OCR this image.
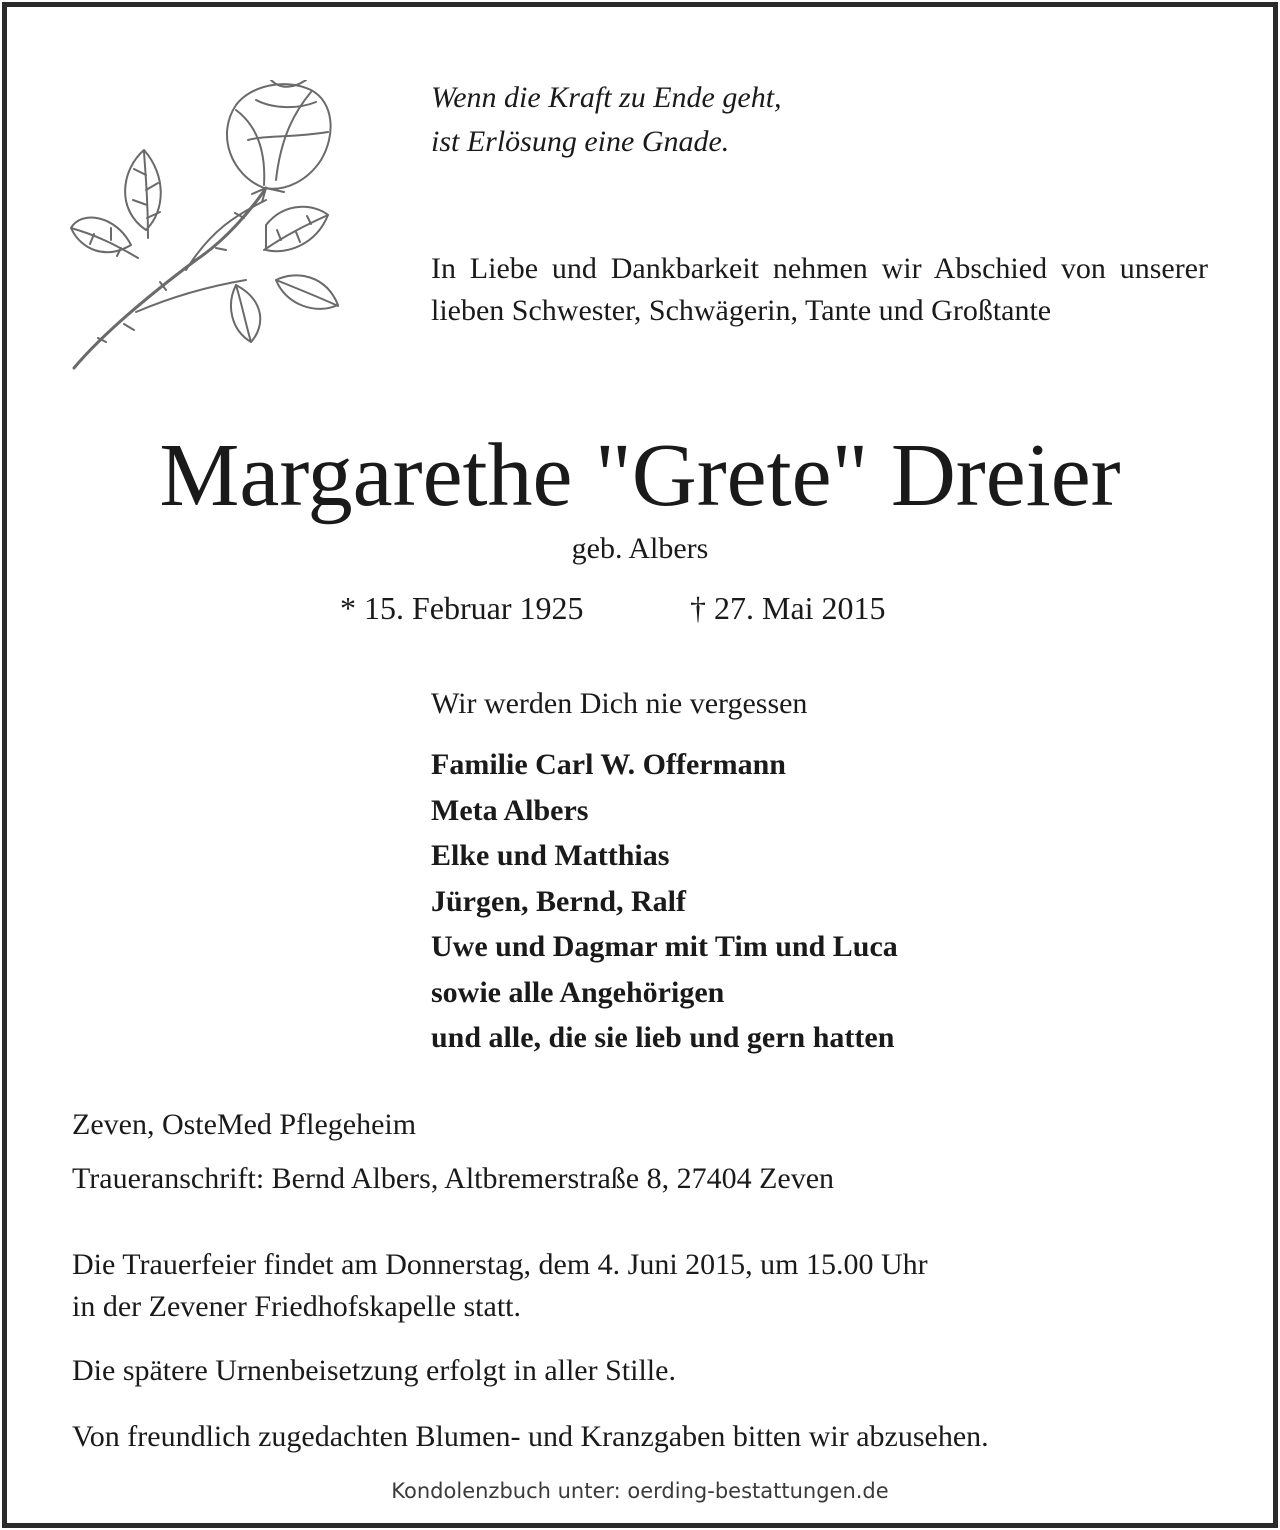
Wenn die Kraft zu Ende geht,
ist Erlösung eine Gnade.

In Liebe und Dankbarkeit nehmen wir Abschied von unserer lieben Schwester, Schwägerin, Tante und Großtante

Margarethe "Grete" Dreier
geb. Albers
* 15. Februar 1925	† 27. Mai 2015
Wir werden Dich nie vergessen
Familie Carl W. Offermann
Meta Albers
Elke und Matthias
Jürgen, Bernd, Ralf
Uwe und Dagmar mit Tim und Luca
sowie alle Angehörigen
und alle, die sie lieb und gern hatten
Zeven, OsteMed Pflegeheim
Traueranschrift: Bernd Albers, Altbremerstraße 8, 27404 Zeven
Die Trauerfeier findet am Donnerstag, dem 4. Juni 2015, um 15.00 Uhr
in der Zevener Friedhofskapelle statt.
Die spätere Urnenbeisetzung erfolgt in aller Stille.
Von freundlich zugedachten Blumen- und Kranzgaben bitten wir abzusehen.
Kondolenzbuch unter: oerding-bestattungen.de
